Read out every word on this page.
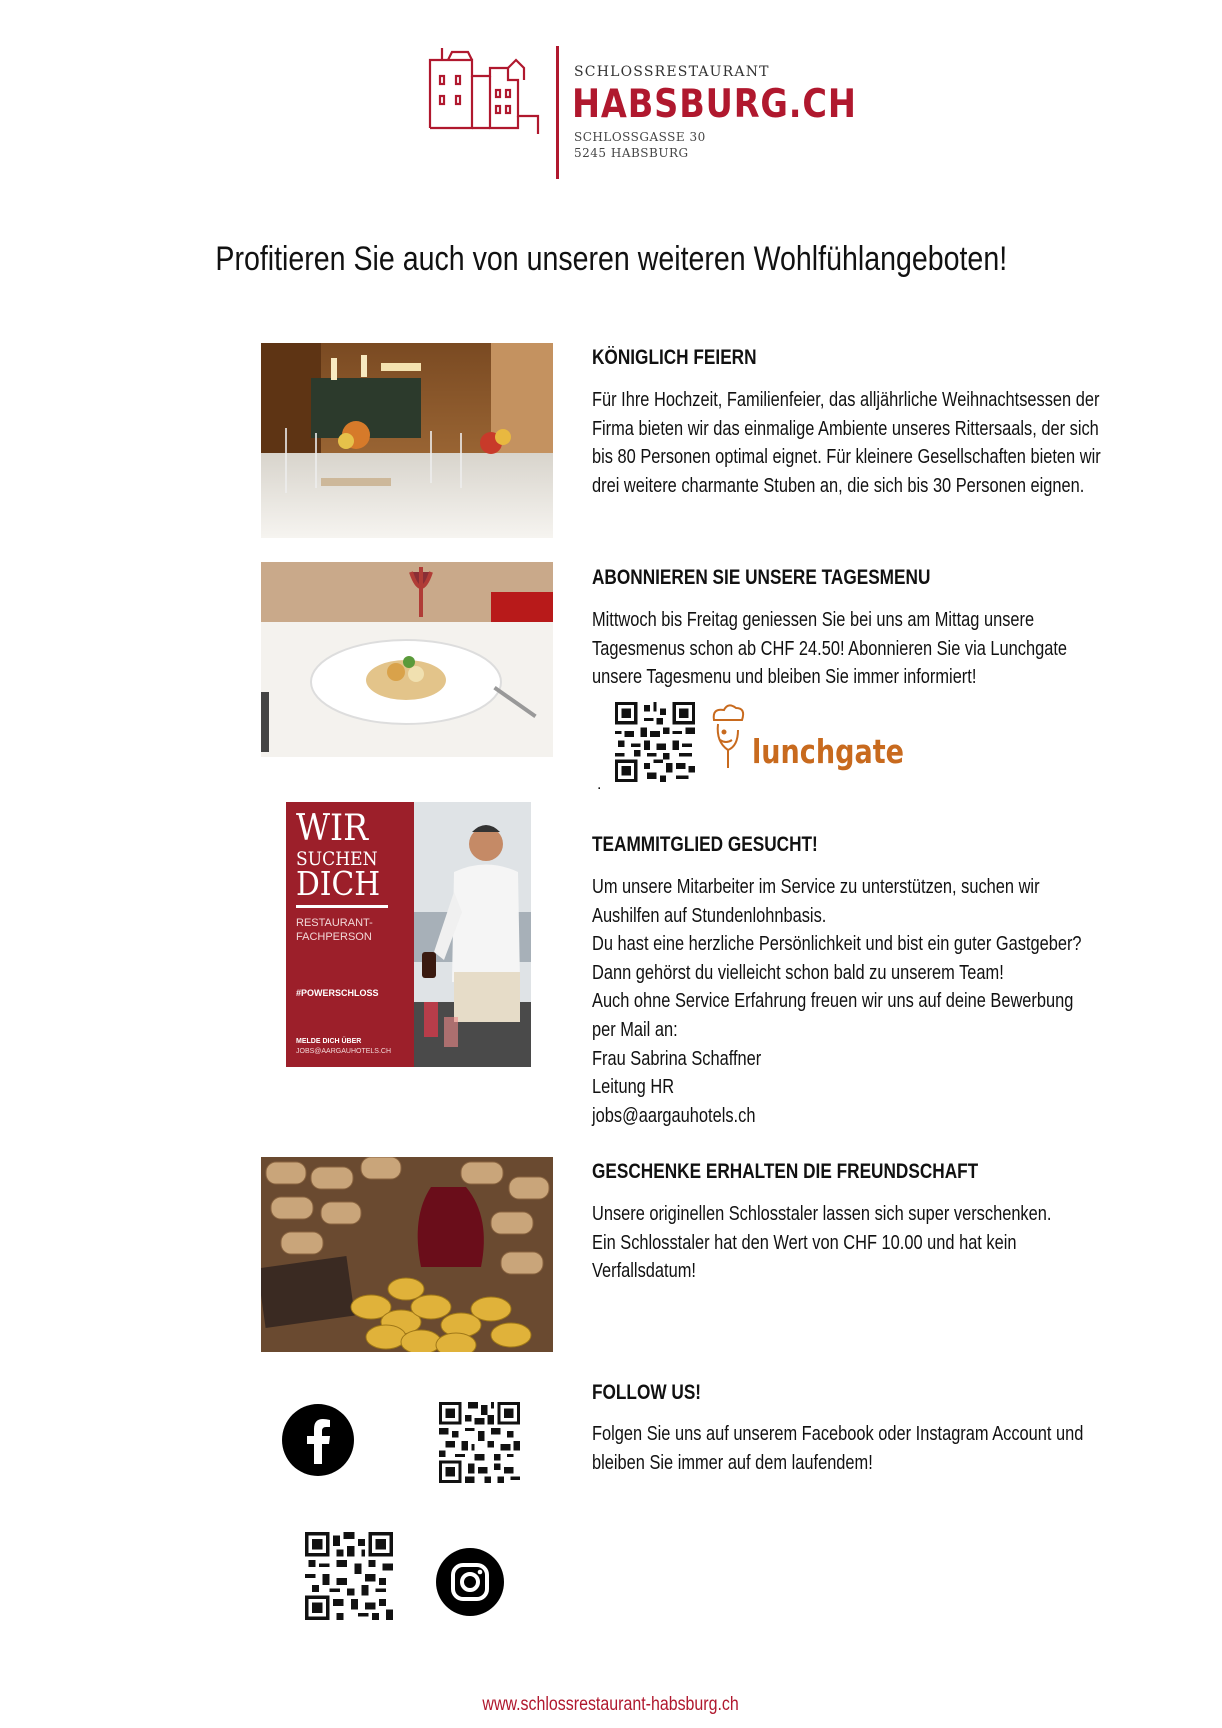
SCHLOSSRESTAURANT
HABSBURG.CH
SCHLOSSGASSE 30
5245 HABSBURG
Profitieren Sie auch von unseren weiteren Wohlfühlangeboten!
KÖNIGLICH FEIERN
Für Ihre Hochzeit, Familienfeier, das alljährliche Weihnachtsessen der
Firma bieten wir das einmalige Ambiente unseres Rittersaals, der sich
bis 80 Personen optimal eignet. Für kleinere Gesellschaften bieten wir
drei weitere charmante Stuben an, die sich bis 30 Personen eignen.
ABONNIEREN SIE UNSERE TAGESMENU
Mittwoch bis Freitag geniessen Sie bei uns am Mittag unsere
Tagesmenus schon ab CHF 24.50! Abonnieren Sie via Lunchgate
unsere Tagesmenu und bleiben Sie immer informiert!
lunchgate
.
WIR
SUCHEN
DICH
RESTAURANT-
FACHPERSON
#POWERSCHLOSS
MELDE DICH ÜBER
JOBS@AARGAUHOTELS.CH
TEAMMITGLIED GESUCHT!
Um unsere Mitarbeiter im Service zu unterstützen, suchen wir
Aushilfen auf Stundenlohnbasis.
Du hast eine herzliche Persönlichkeit und bist ein guter Gastgeber?
Dann gehörst du vielleicht schon bald zu unserem Team!
Auch ohne Service Erfahrung freuen wir uns auf deine Bewerbung
per Mail an:
Frau Sabrina Schaffner
Leitung HR
jobs@aargauhotels.ch
GESCHENKE ERHALTEN DIE FREUNDSCHAFT
Unsere originellen Schlosstaler lassen sich super verschenken.
Ein Schlosstaler hat den Wert von CHF 10.00 und hat kein
Verfallsdatum!
FOLLOW US!
Folgen Sie uns auf unserem Facebook oder Instagram Account und
bleiben Sie immer auf dem laufendem!
www.schlossrestaurant-habsburg.ch
